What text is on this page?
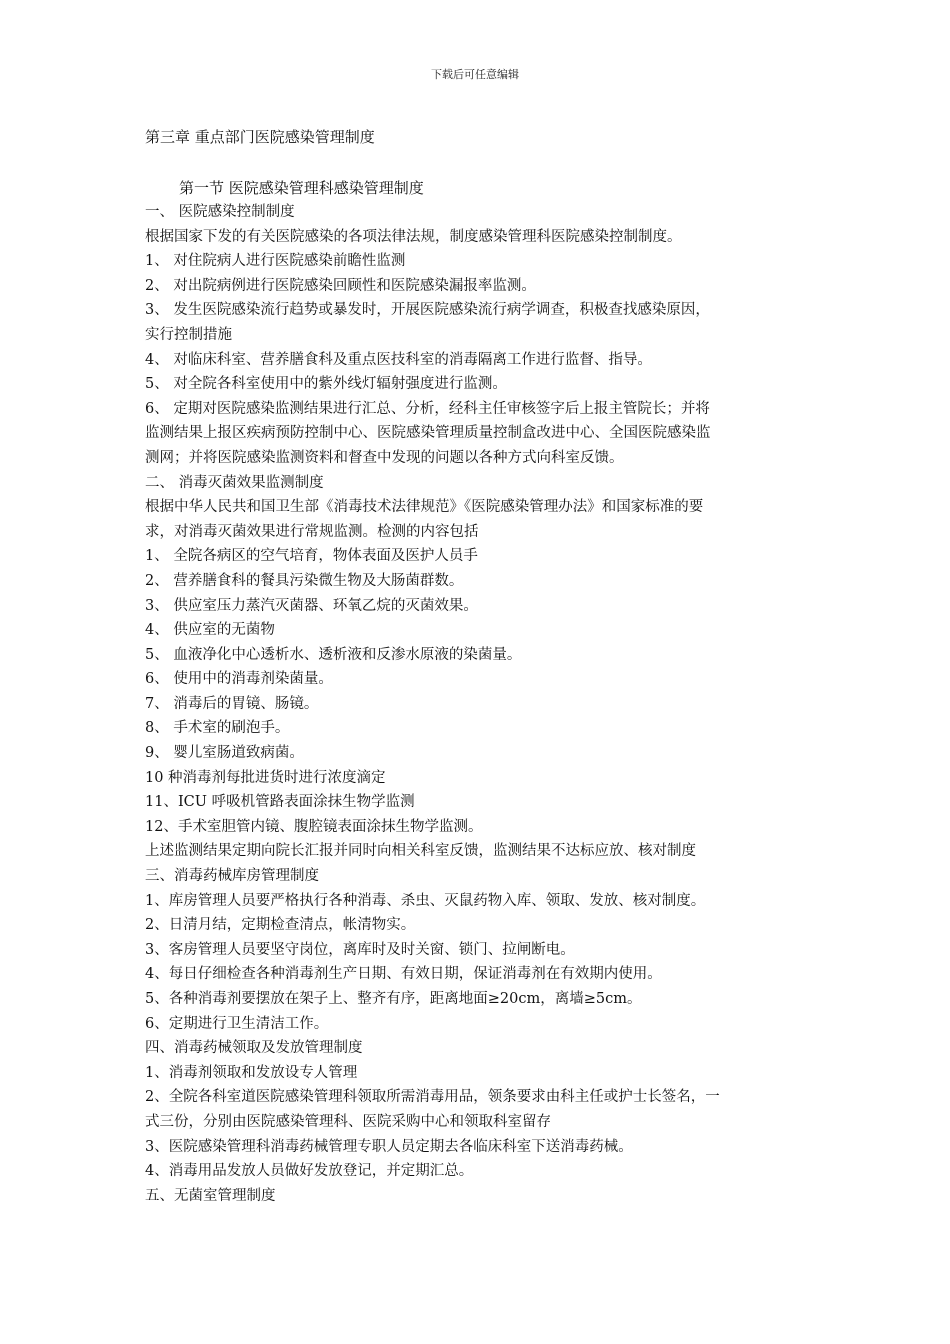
下载后可任意编辑
第三章 重点部门医院感染管理制度
第一节 医院感染管理科感染管理制度
一、 医院感染控制制度
根据国家下发的有关医院感染的各项法律法规，制度感染管理科医院感染控制制度。
1、 对住院病人进行医院感染前瞻性监测
2、 对出院病例进行医院感染回顾性和医院感染漏报率监测。
3、 发生医院感染流行趋势或暴发时，开展医院感染流行病学调查，积极查找感染原因，
实行控制措施
4、 对临床科室、营养膳食科及重点医技科室的消毒隔离工作进行监督、指导。
5、 对全院各科室使用中的紫外线灯辐射强度进行监测。
6、 定期对医院感染监测结果进行汇总、分析，经科主任审核签字后上报主管院长；并将
监测结果上报区疾病预防控制中心、医院感染管理质量控制盒改进中心、全国医院感染监
测网；并将医院感染监测资料和督查中发现的问题以各种方式向科室反馈。
二、 消毒灭菌效果监测制度
根据中华人民共和国卫生部《消毒技术法律规范》《医院感染管理办法》和国家标准的要
求，对消毒灭菌效果进行常规监测。检测的内容包括
1、 全院各病区的空气培育，物体表面及医护人员手
2、 营养膳食科的餐具污染微生物及大肠菌群数。
3、 供应室压力蒸汽灭菌器、环氧乙烷的灭菌效果。
4、 供应室的无菌物
5、 血液净化中心透析水、透析液和反渗水原液的染菌量。
6、 使用中的消毒剂染菌量。
7、 消毒后的胃镜、肠镜。
8、 手术室的刷泡手。
9、 婴儿室肠道致病菌。
10 种消毒剂每批进货时进行浓度滴定
11、ICU 呼吸机管路表面涂抹生物学监测
12、手术室胆管内镜、腹腔镜表面涂抹生物学监测。
上述监测结果定期向院长汇报并同时向相关科室反馈，监测结果不达标应放、核对制度
三、消毒药械库房管理制度
1、库房管理人员要严格执行各种消毒、杀虫、灭鼠药物入库、领取、发放、核对制度。
2、日清月结，定期检查清点，帐清物实。
3、客房管理人员要坚守岗位，离库时及时关窗、锁门、拉闸断电。
4、每日仔细检查各种消毒剂生产日期、有效日期，保证消毒剂在有效期内使用。
5、各种消毒剂要摆放在架子上、整齐有序，距离地面≥20cm，离墙≥5cm。
6、定期进行卫生清洁工作。
四、消毒药械领取及发放管理制度
1、消毒剂领取和发放设专人管理
2、全院各科室道医院感染管理科领取所需消毒用品，领条要求由科主任或护士长签名，一
式三份，分别由医院感染管理科、医院采购中心和领取科室留存
3、医院感染管理科消毒药械管理专职人员定期去各临床科室下送消毒药械。
4、消毒用品发放人员做好发放登记，并定期汇总。
五、无菌室管理制度
